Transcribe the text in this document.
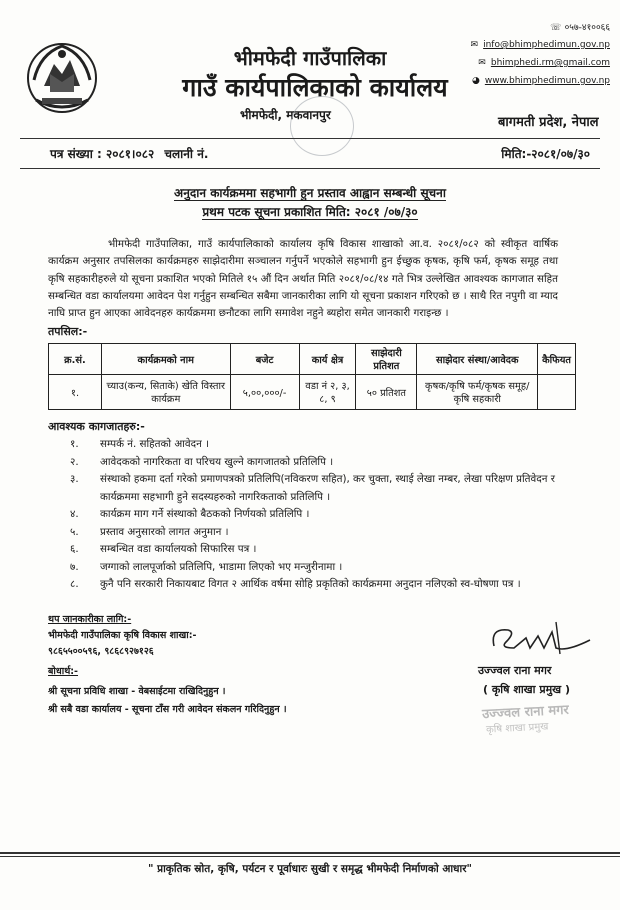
भीमफेदी गाउँपालिका
गाउँ कार्यपालिकाको कार्यालय
भीमफेदी, मकवानपुर	बागमती प्रदेश, नेपाल
☏ ०५७-४१००६६
✉ info@bhimphedimun.gov.np
✉ bhimphedi.rm@gmail.com
◕ www.bhimphedimun.gov.np
पत्र संख्या : २०८१।०८२ चलानी नं.	मिति:-२०८१/०७/३०
अनुदान कार्यक्रममा सहभागी हुन प्रस्ताव आह्वान सम्बन्धी सूचना
प्रथम पटक सूचना प्रकाशित मिति: २०८१ /०७/३०
भीमफेदी गाउँपालिका, गाउँ कार्यपालिकाको कार्यालय कृषि विकास शाखाको आ.व. २०८१/०८२ को स्वीकृत वार्षिक कार्यक्रम अनुसार तपसिलका कार्यक्रमहरु साझेदारीमा सञ्चालन गर्नुपर्ने भएकोले सहभागी हुन ईच्छुक कृषक, कृषि फर्म, कृषक समूह तथा कृषि सहकारीहरुले यो सूचना प्रकाशित भएको मितिले १५ औं दिन अर्थात मिति २०८१/०८/१४ गते भित्र उल्लेखित आवश्यक कागजात सहित सम्बन्धित वडा कार्यालयमा आवेदन पेश गर्नुहुन सम्बन्धित सबैमा जानकारीका लागि यो सूचना प्रकाशन गरिएको छ । साथै रित नपुगी वा म्याद नाघि प्राप्त हुन आएका आवेदनहरु कार्यक्रममा छनौटका लागि समावेश नहुने ब्यहोरा समेत जानकारी गराइन्छ ।
तपसिल:-
क्र.सं.	कार्यक्रमको नाम	बजेट	कार्य क्षेत्र	साझेदारी प्रतिशत	साझेदार संस्था/आवेदक	कैफियत
१.	च्याउ(कन्य, सिताके) खेति विस्तार कार्यक्रम	५,००,०००/-	वडा नं २, ३, ८, ९	५० प्रतिशत	कृषक/कृषि फर्म/कृषक समूह/कृषि सहकारी	
आवश्यक कागजातहरु:-
१. सम्पर्क नं. सहितको आवेदन ।
२. आवेदकको नागरिकता वा परिचय खुल्ने कागजातको प्रतिलिपि ।
३. संस्थाको हकमा दर्ता गरेको प्रमाणपत्रको प्रतिलिपि(नविकरण सहित), कर चुक्ता, स्थाई लेखा नम्बर, लेखा परिक्षण प्रतिवेदन र कार्यक्रममा सहभागी हुने सदस्यहरुको नागरिकताको प्रतिलिपि ।
४. कार्यक्रम माग गर्ने संस्थाको बैठकको निर्णयको प्रतिलिपि ।
५. प्रस्ताव अनुसारको लागत अनुमान ।
६. सम्बन्धित वडा कार्यालयको सिफारिस पत्र ।
७. जग्गाको लालपूर्जाको प्रतिलिपि, भाडामा लिएको भए मन्जुरीनामा ।
८. कुनै पनि सरकारी निकायबाट विगत २ आर्थिक वर्षमा सोहि प्रकृतिको कार्यक्रममा अनुदान नलिएको स्व-घोषणा पत्र ।
थप जानकारीका लागि:-
भीमफेदी गाउँपालिका कृषि विकास शाखा:-
९८६५५००५९६, ९८६८९२७१२६
बोधार्थ:-
श्री सूचना प्रविधि शाखा - वेबसाईटमा राखिदिनुहुन ।
श्री सबै वडा कार्यालय - सूचना टाँस गरी आवेदन संकलन गरिदिनुहुन ।
उज्ज्वल राना मगर
( कृषि शाखा प्रमुख )
उज्ज्वल राना मगर
कृषि शाखा प्रमुख
" प्राकृतिक स्रोत, कृषि, पर्यटन र पूर्वाधारः सुखी र समृद्ध भीमफेदी निर्माणको आधार"
